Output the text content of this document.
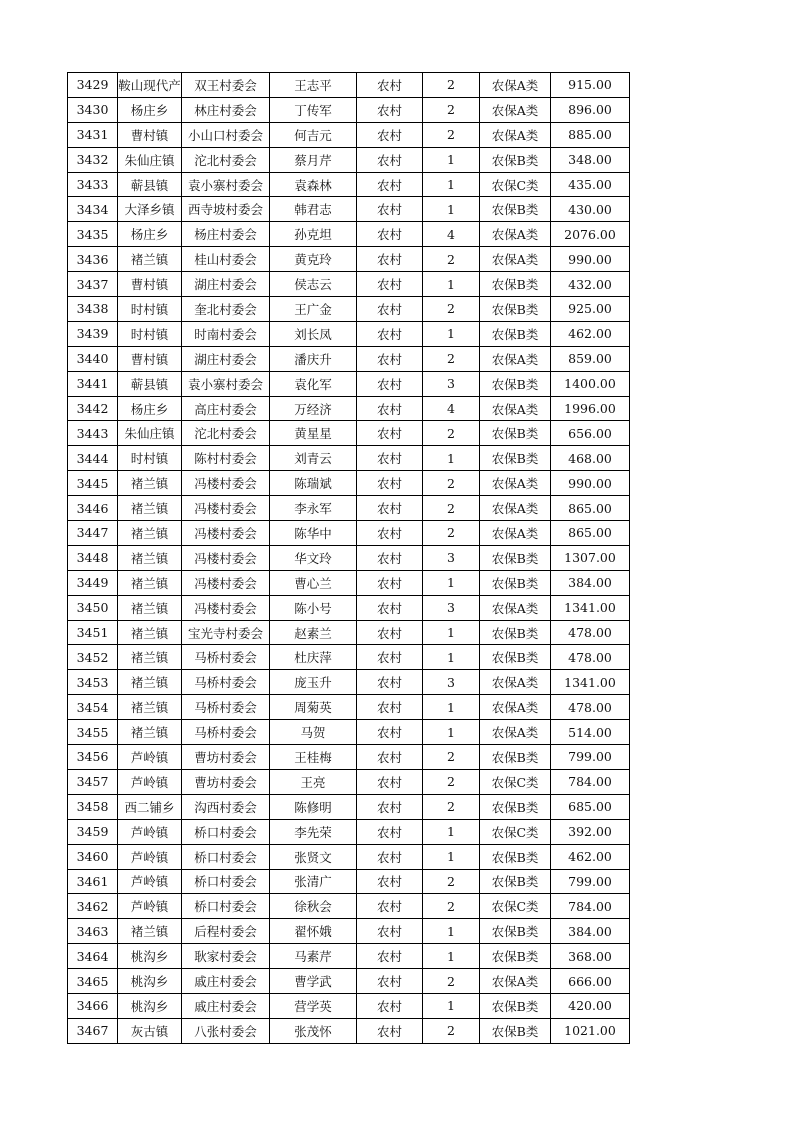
3429	鞍山现代产	双王村委会	王志平	农村	2	农保A类	915.00
3430	杨庄乡	林庄村委会	丁传军	农村	2	农保A类	896.00
3431	曹村镇	小山口村委会	何吉元	农村	2	农保A类	885.00
3432	朱仙庄镇	沱北村委会	蔡月芹	农村	1	农保B类	348.00
3433	蕲县镇	袁小寨村委会	袁森林	农村	1	农保C类	435.00
3434	大泽乡镇	西寺坡村委会	韩君志	农村	1	农保B类	430.00
3435	杨庄乡	杨庄村委会	孙克坦	农村	4	农保A类	2076.00
3436	褚兰镇	桂山村委会	黄克玲	农村	2	农保A类	990.00
3437	曹村镇	湖庄村委会	侯志云	农村	1	农保B类	432.00
3438	时村镇	奎北村委会	王广金	农村	2	农保B类	925.00
3439	时村镇	时南村委会	刘长凤	农村	1	农保B类	462.00
3440	曹村镇	湖庄村委会	潘庆升	农村	2	农保A类	859.00
3441	蕲县镇	袁小寨村委会	袁化军	农村	3	农保B类	1400.00
3442	杨庄乡	高庄村委会	万经济	农村	4	农保A类	1996.00
3443	朱仙庄镇	沱北村委会	黄星星	农村	2	农保B类	656.00
3444	时村镇	陈村村委会	刘青云	农村	1	农保B类	468.00
3445	褚兰镇	冯楼村委会	陈瑞斌	农村	2	农保A类	990.00
3446	褚兰镇	冯楼村委会	李永军	农村	2	农保A类	865.00
3447	褚兰镇	冯楼村委会	陈华中	农村	2	农保A类	865.00
3448	褚兰镇	冯楼村委会	华文玲	农村	3	农保B类	1307.00
3449	褚兰镇	冯楼村委会	曹心兰	农村	1	农保B类	384.00
3450	褚兰镇	冯楼村委会	陈小号	农村	3	农保A类	1341.00
3451	褚兰镇	宝光寺村委会	赵素兰	农村	1	农保B类	478.00
3452	褚兰镇	马桥村委会	杜庆萍	农村	1	农保B类	478.00
3453	褚兰镇	马桥村委会	庞玉升	农村	3	农保A类	1341.00
3454	褚兰镇	马桥村委会	周菊英	农村	1	农保A类	478.00
3455	褚兰镇	马桥村委会	马贺	农村	1	农保A类	514.00
3456	芦岭镇	曹坊村委会	王桂梅	农村	2	农保B类	799.00
3457	芦岭镇	曹坊村委会	王亮	农村	2	农保C类	784.00
3458	西二铺乡	沟西村委会	陈修明	农村	2	农保B类	685.00
3459	芦岭镇	桥口村委会	李先荣	农村	1	农保C类	392.00
3460	芦岭镇	桥口村委会	张贤文	农村	1	农保B类	462.00
3461	芦岭镇	桥口村委会	张清广	农村	2	农保B类	799.00
3462	芦岭镇	桥口村委会	徐秋会	农村	2	农保C类	784.00
3463	褚兰镇	后程村委会	翟怀娥	农村	1	农保B类	384.00
3464	桃沟乡	耿家村委会	马素芹	农村	1	农保B类	368.00
3465	桃沟乡	戚庄村委会	曹学武	农村	2	农保A类	666.00
3466	桃沟乡	戚庄村委会	营学英	农村	1	农保B类	420.00
3467	灰古镇	八张村委会	张茂怀	农村	2	农保B类	1021.00
